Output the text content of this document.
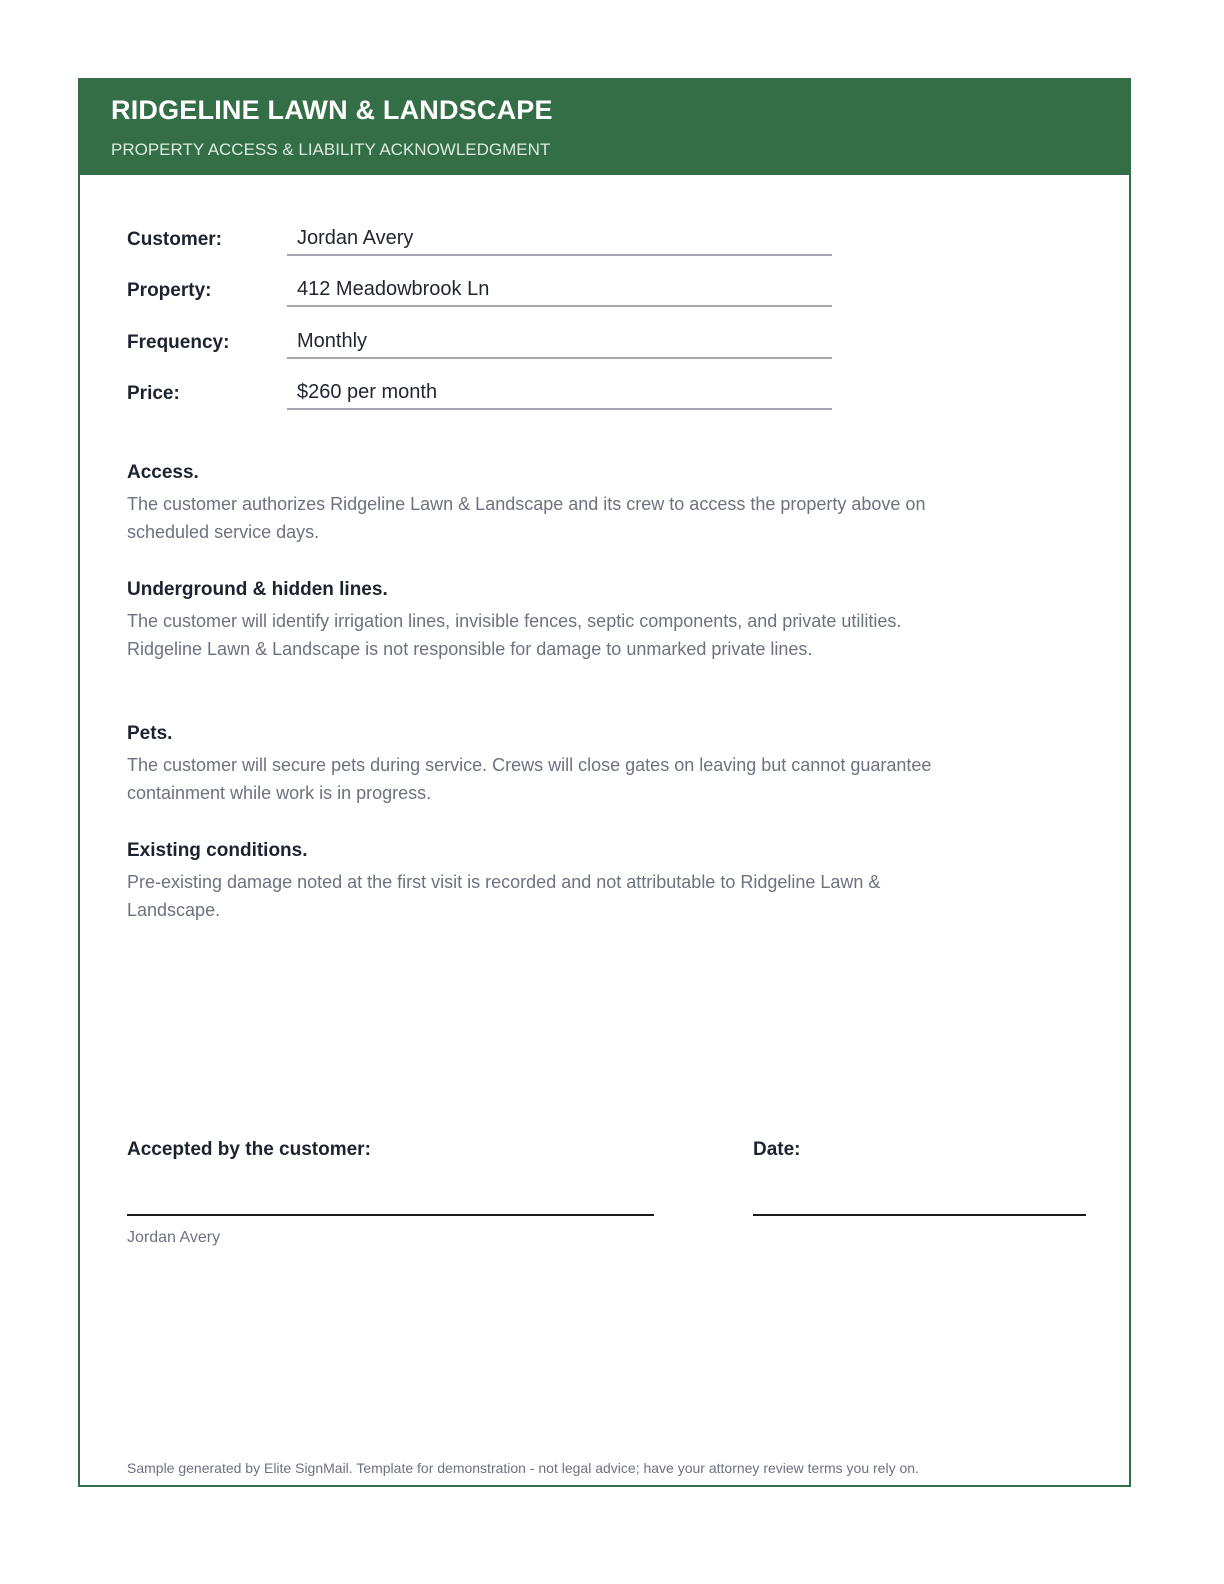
RIDGELINE LAWN & LANDSCAPE
PROPERTY ACCESS & LIABILITY ACKNOWLEDGMENT
Customer:	Jordan Avery
Property:	412 Meadowbrook Ln
Frequency:	Monthly
Price:	$260 per month

Access.

The customer authorizes Ridgeline Lawn & Landscape and its crew to access the property above on scheduled service days.

Underground & hidden lines.

The customer will identify irrigation lines, invisible fences, septic components, and private utilities. Ridgeline Lawn & Landscape is not responsible for damage to unmarked private lines.

Pets.

The customer will secure pets during service. Crews will close gates on leaving but cannot guarantee containment while work is in progress.

Existing conditions.

Pre-existing damage noted at the first visit is recorded and not attributable to Ridgeline Lawn & Landscape.

Accepted by the customer:	Date:
Jordan Avery
Sample generated by Elite SignMail. Template for demonstration - not legal advice; have your attorney review terms you rely on.
